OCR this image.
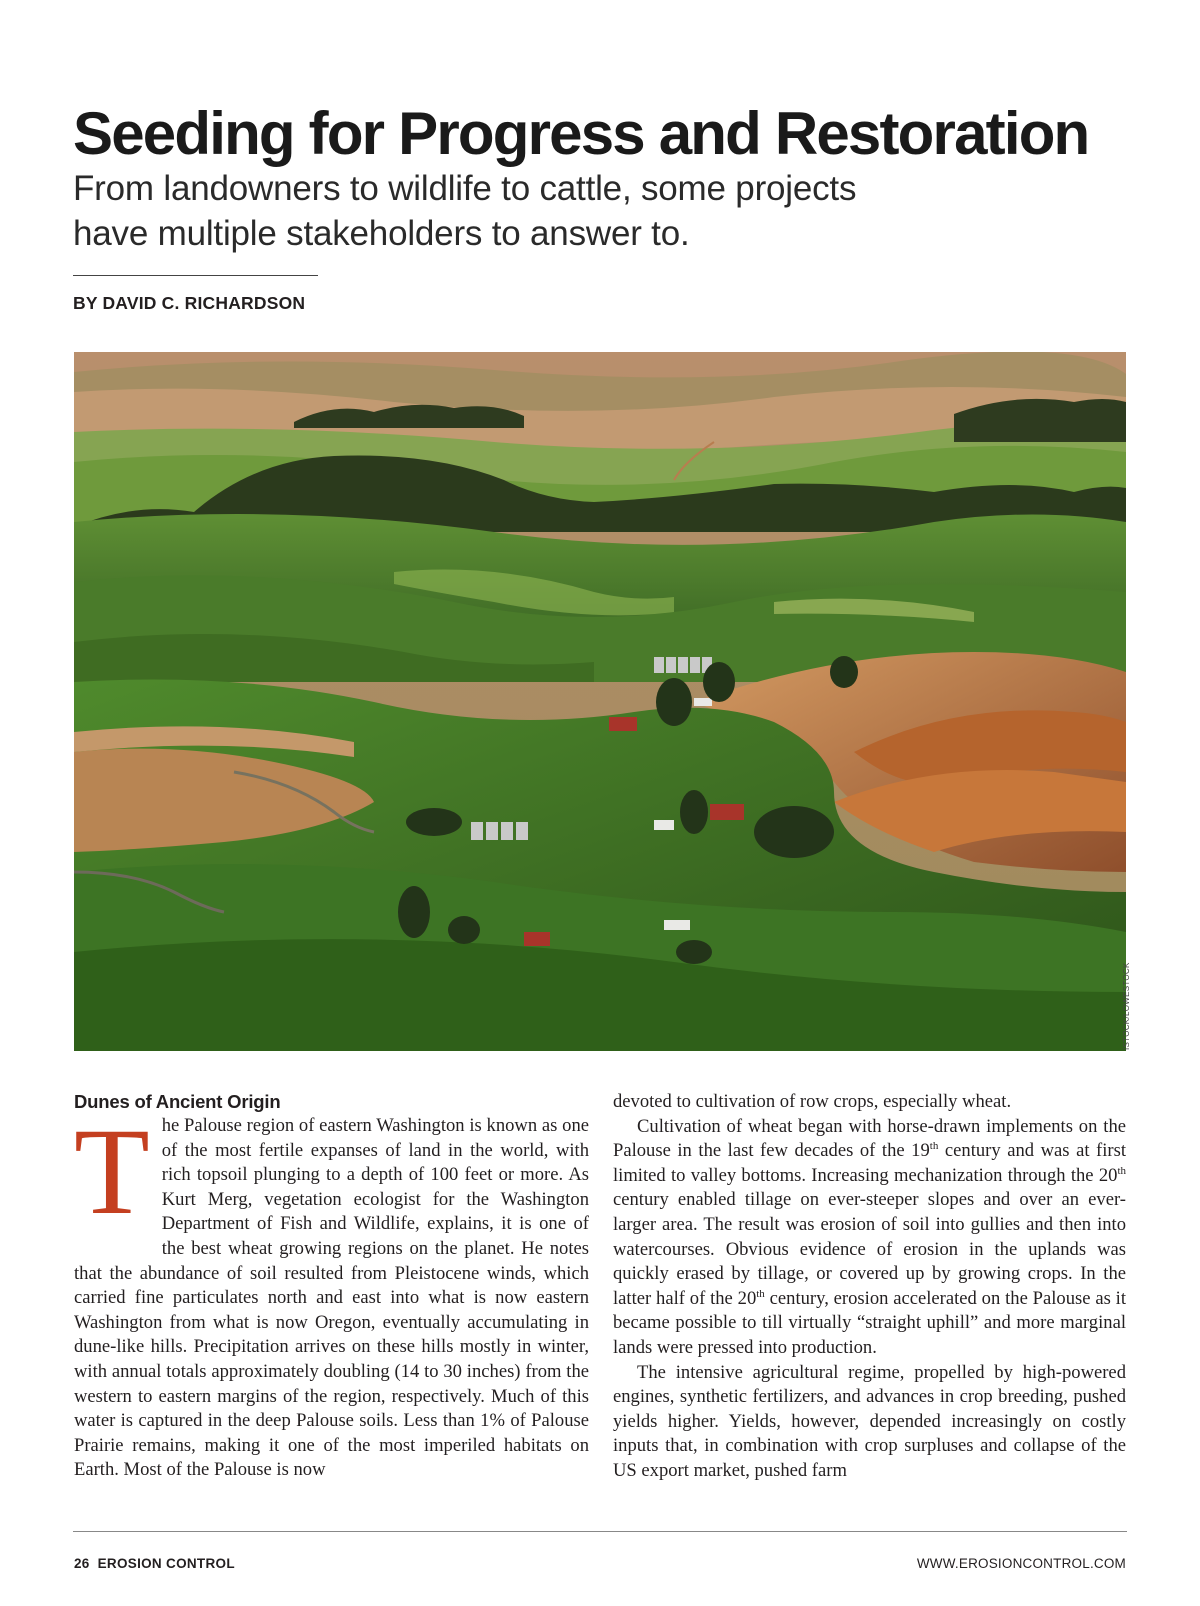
Seeding for Progress and Restoration
From landowners to wildlife to cattle, some projects
have multiple stakeholders to answer to.
BY DAVID C. RICHARDSON
ISTOCK/LOWESTOCK
Dunes of Ancient Origin

The Palouse region of eastern Washington is known as one of the most fertile expanses of land in the world, with rich topsoil plunging to a depth of 100 feet or more. As Kurt Merg, vegetation ecologist for the Washington Department of Fish and Wildlife, explains, it is one of the best wheat growing regions on the planet. He notes that the abundance of soil resulted from Pleistocene winds, which carried fine particulates north and east into what is now eastern Washington from what is now Oregon, eventually accumulating in dune-like hills. Precipitation arrives on these hills mostly in winter, with annual totals approximately doubling (14 to 30 inches) from the western to eastern margins of the region, respectively. Much of this water is captured in the deep Palouse soils. Less than 1% of Palouse Prairie remains, making it one of the most imperiled habitats on Earth. Most of the Palouse is now

devoted to cultivation of row crops, especially wheat.

Cultivation of wheat began with horse-drawn implements on the Palouse in the last few decades of the 19th century and was at first limited to valley bottoms. Increasing mechanization through the 20th century enabled tillage on ever-steeper slopes and over an ever-larger area. The result was erosion of soil into gullies and then into watercourses. Obvious evidence of erosion in the uplands was quickly erased by tillage, or covered up by growing crops. In the latter half of the 20th century, erosion accelerated on the Palouse as it became possible to till virtually “straight uphill” and more marginal lands were pressed into production.

The intensive agricultural regime, propelled by high-powered engines, synthetic fertilizers, and advances in crop breeding, pushed yields higher. Yields, however, depended increasingly on costly inputs that, in combination with crop surpluses and collapse of the US export market, pushed farm

26 EROSION CONTROL	WWW.EROSIONCONTROL.COM
